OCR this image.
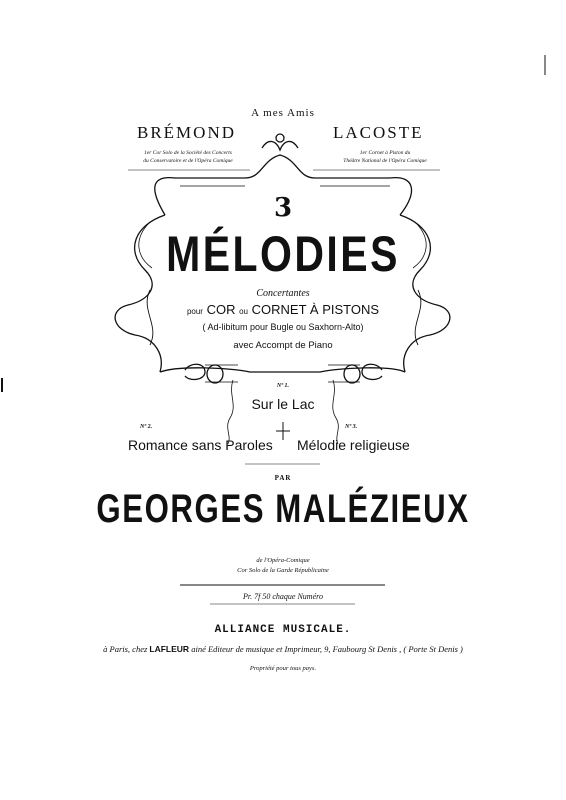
A mes Amis
BRÉMOND	LACOSTE
1er Cor Solo de la Société des Concerts
du Conservatoire et de l'Opéra Comique
1er Cornet à Piston du
Théâtre National de l'Opéra Comique
3
MÉLODIES
Concertantes
pour COR ou CORNET À PISTONS
( Ad-libitum pour Bugle ou Saxhorn-Alto)
avec Accompt de Piano
Nº 1.
Sur le Lac
Nº 2.	Nº 3.
Romance sans Paroles Mélodie religieuse
PAR
GEORGES MALÉZIEUX
de l'Opéra-Comique
Cor Solo de la Garde Républicaine
Pr. 7f 50 chaque Numéro
ALLIANCE MUSICALE.
à Paris, chez LAFLEUR ainé Editeur de musique et Imprimeur, 9, Faubourg St Denis , ( Porte St Denis )
Propriété pour tous pays.
